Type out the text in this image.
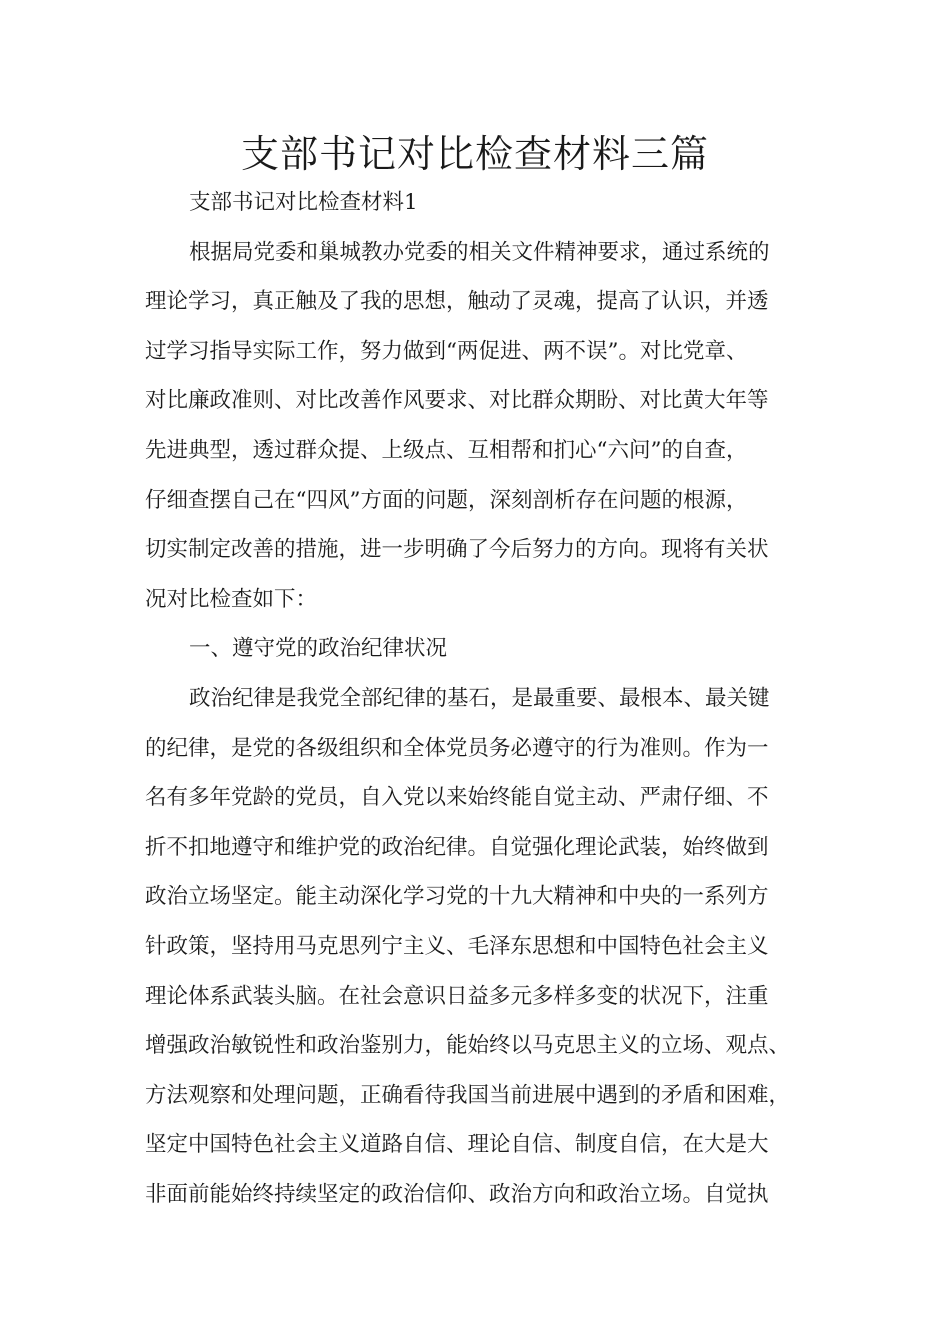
支部书记对比检查材料三篇
支部书记对比检查材料1
根据局党委和巢城教办党委的相关文件精神要求，通过系统的
理论学习，真正触及了我的思想，触动了灵魂，提高了认识，并透
过学习指导实际工作，努力做到“两促进、两不误”。对比党章、
对比廉政准则、对比改善作风要求、对比群众期盼、对比黄大年等
先进典型，透过群众提、上级点、互相帮和扪心“六问”的自查，
仔细查摆自己在“四风”方面的问题，深刻剖析存在问题的根源，
切实制定改善的措施，进一步明确了今后努力的方向。现将有关状
况对比检查如下：
一、遵守党的政治纪律状况
政治纪律是我党全部纪律的基石，是最重要、最根本、最关键
的纪律，是党的各级组织和全体党员务必遵守的行为准则。作为一
名有多年党龄的党员，自入党以来始终能自觉主动、严肃仔细、不
折不扣地遵守和维护党的政治纪律。自觉强化理论武装，始终做到
政治立场坚定。能主动深化学习党的十九大精神和中央的一系列方
针政策，坚持用马克思列宁主义、毛泽东思想和中国特色社会主义
理论体系武装头脑。在社会意识日益多元多样多变的状况下，注重
增强政治敏锐性和政治鉴别力，能始终以马克思主义的立场、观点、
方法观察和处理问题，正确看待我国当前进展中遇到的矛盾和困难，
坚定中国特色社会主义道路自信、理论自信、制度自信，在大是大
非面前能始终持续坚定的政治信仰、政治方向和政治立场。自觉执
